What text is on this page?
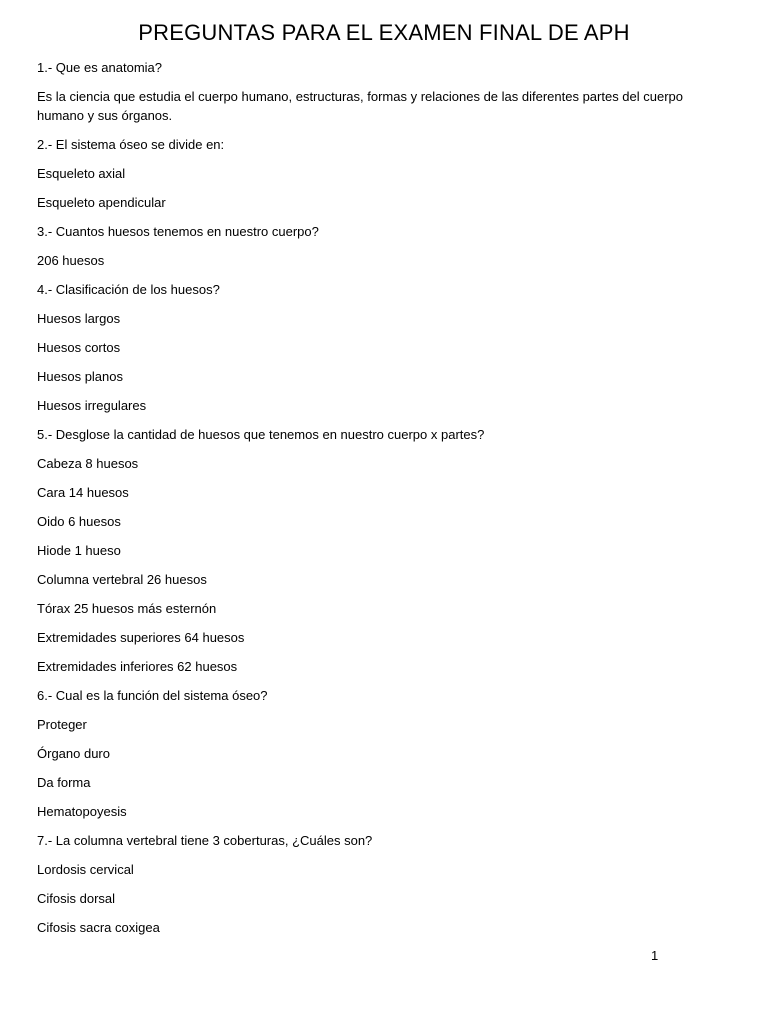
PREGUNTAS PARA EL EXAMEN FINAL DE APH
1.- Que es anatomia?
Es la ciencia que estudia el cuerpo humano, estructuras, formas y relaciones de las diferentes partes del cuerpo humano y sus órganos.
2.- El sistema óseo se divide en:
Esqueleto axial
Esqueleto apendicular
3.- Cuantos huesos tenemos en nuestro cuerpo?
206 huesos
4.- Clasificación de los huesos?
Huesos largos
Huesos cortos
Huesos planos
Huesos irregulares
5.- Desglose la cantidad de huesos que tenemos en nuestro cuerpo x partes?
Cabeza 8 huesos
Cara 14 huesos
Oido 6 huesos
Hiode 1 hueso
Columna vertebral 26 huesos
Tórax 25 huesos más esternón
Extremidades superiores 64 huesos
Extremidades inferiores 62 huesos
6.- Cual es la función del sistema óseo?
Proteger
Órgano duro
Da forma
Hematopoyesis
7.- La columna vertebral tiene 3 coberturas, ¿Cuáles son?
Lordosis cervical
Cifosis dorsal
Cifosis sacra coxigea
1
